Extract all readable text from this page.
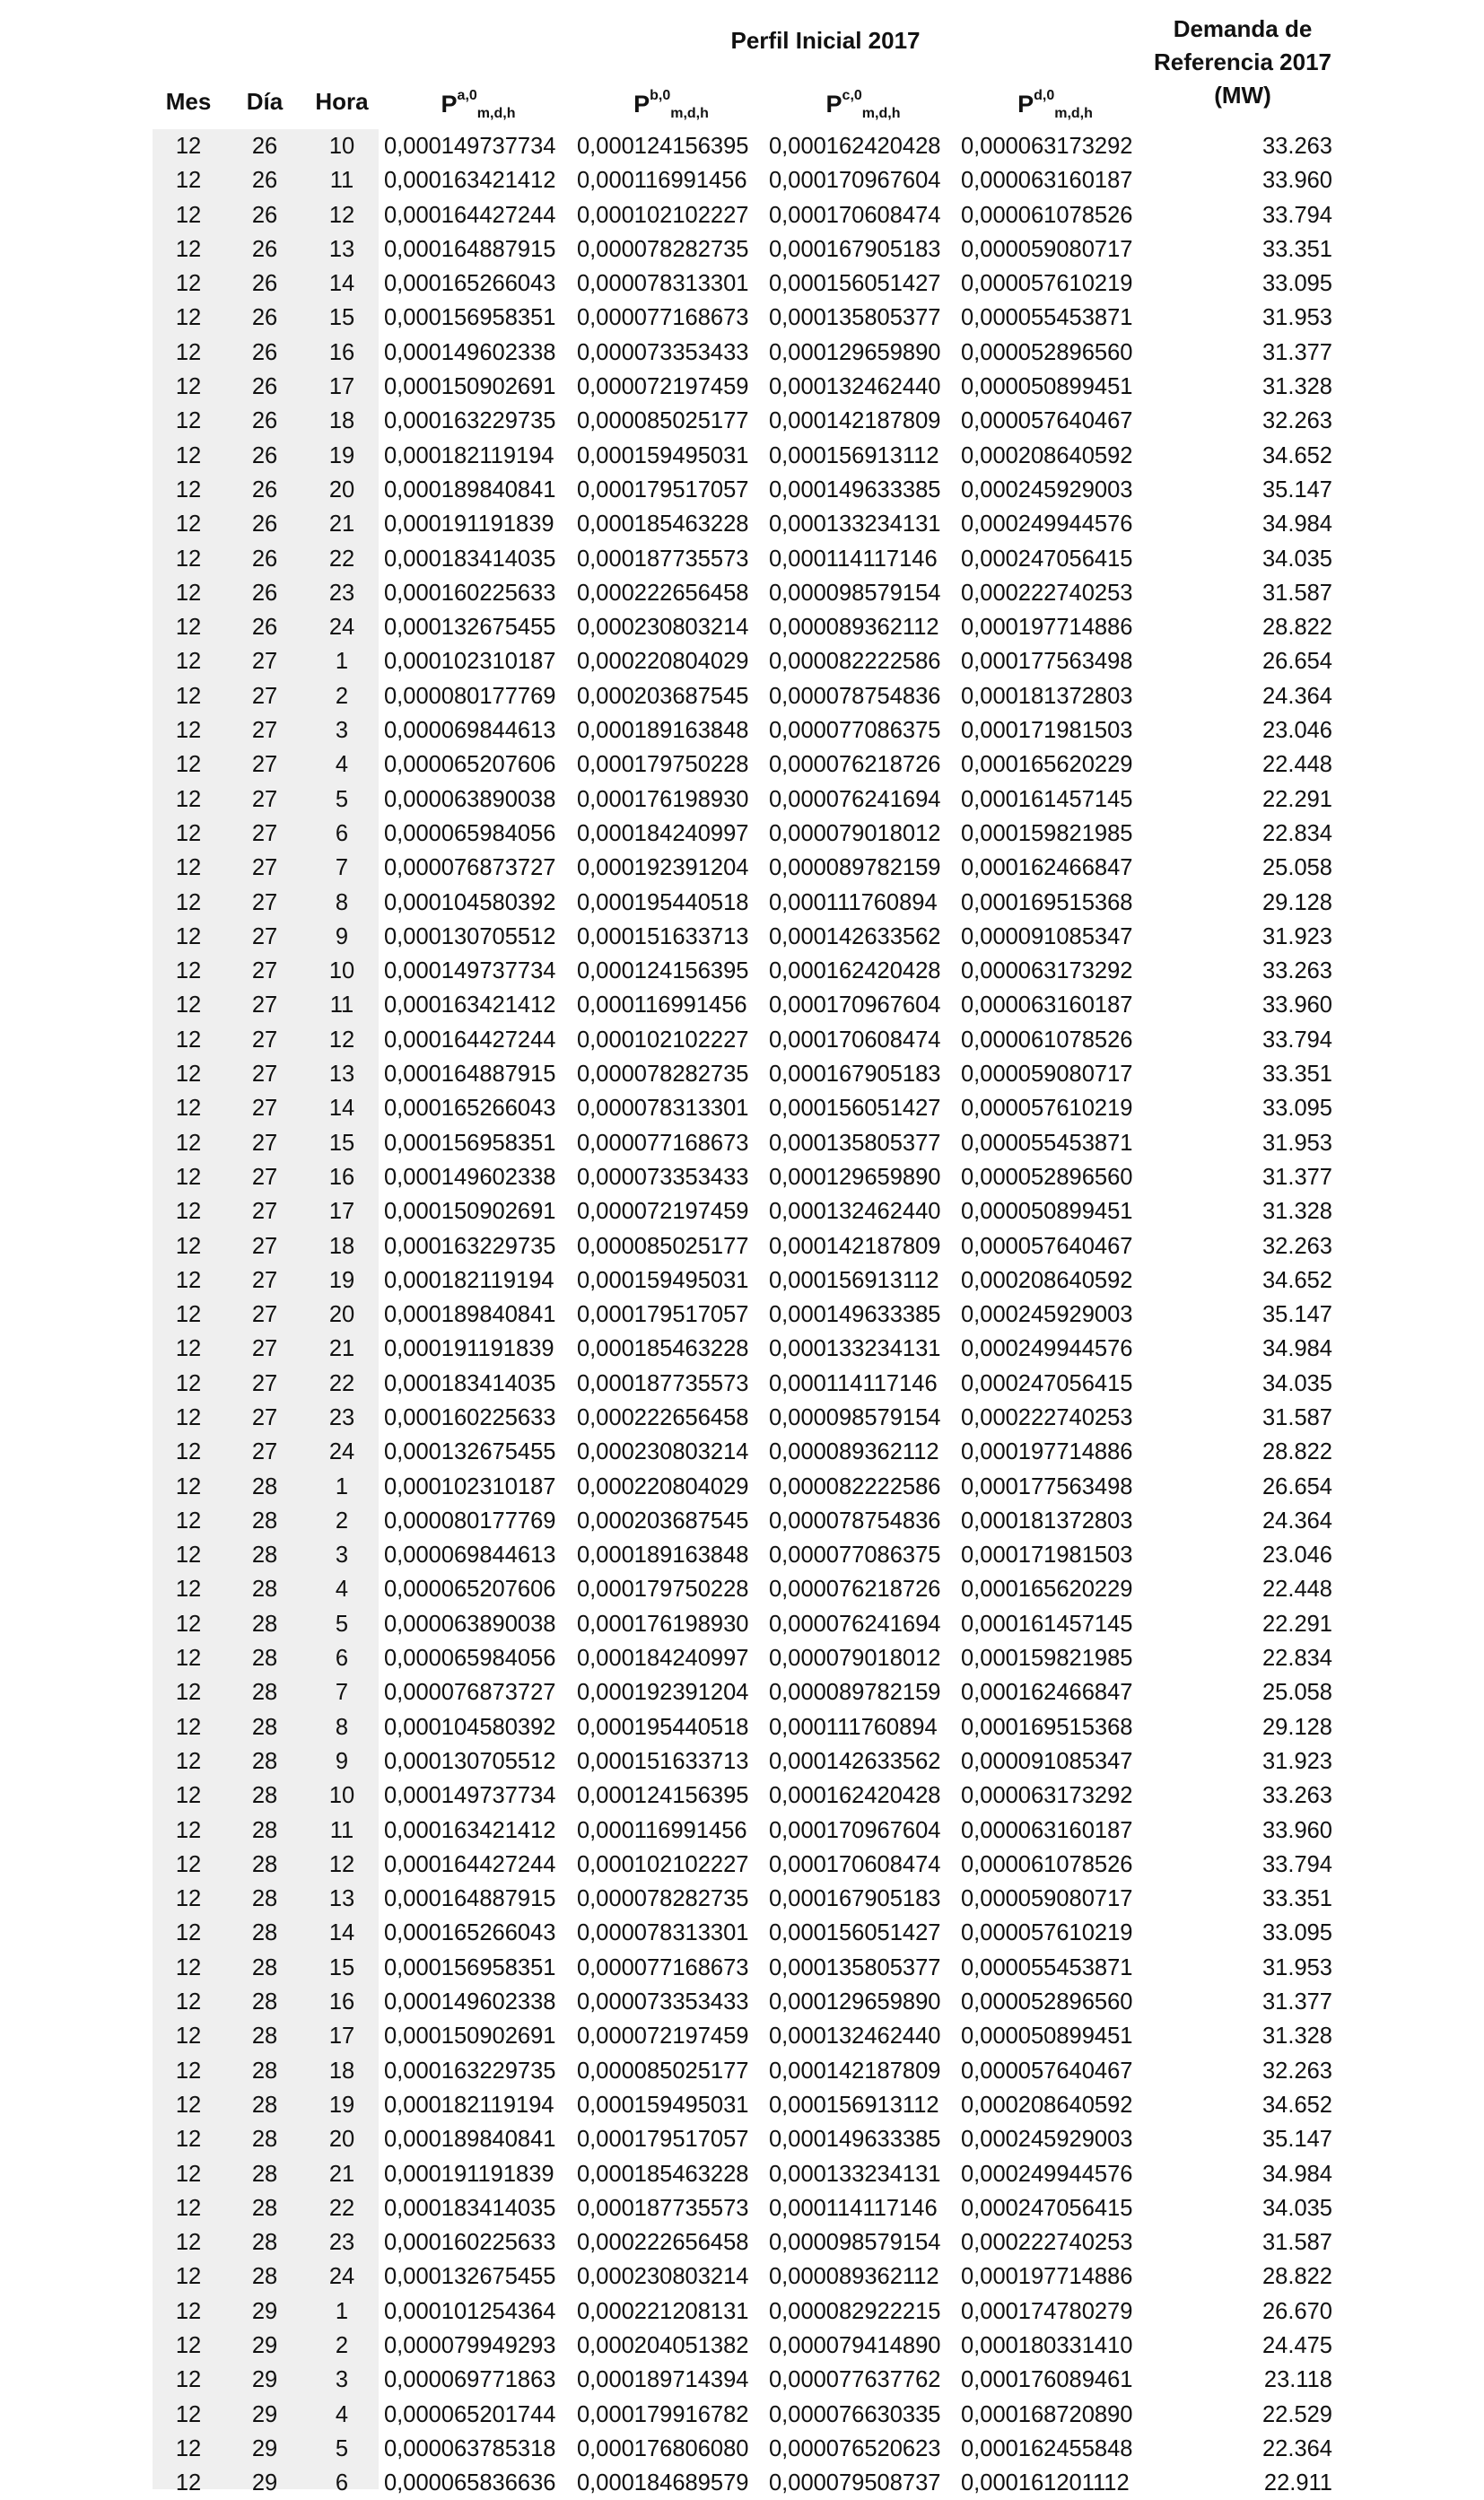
Perfil Inicial 2017	Demanda de
Referencia 2017
(MW)
Mes	Día	Hora	P$^{a,0}_{m,d,h}$	P$^{b,0}_{m,d,h}$	P$^{c,0}_{m,d,h}$	P$^{d,0}_{m,d,h}$
12	26	10	0,000149737734 0,000124156395 0,000162420428 0,000063173292	33.263
12	26	11	0,000163421412 0,000116991456 0,000170967604 0,000063160187	33.960
12	26	12	0,000164427244 0,000102102227 0,000170608474 0,000061078526	33.794
12	26	13	0,000164887915 0,000078282735 0,000167905183 0,000059080717	33.351
12	26	14	0,000165266043 0,000078313301 0,000156051427 0,000057610219	33.095
12	26	15	0,000156958351 0,000077168673 0,000135805377 0,000055453871	31.953
12	26	16	0,000149602338 0,000073353433 0,000129659890 0,000052896560	31.377
12	26	17	0,000150902691 0,000072197459 0,000132462440 0,000050899451	31.328
12	26	18	0,000163229735 0,000085025177 0,000142187809 0,000057640467	32.263
12	26	19	0,000182119194 0,000159495031 0,000156913112 0,000208640592	34.652
12	26	20	0,000189840841 0,000179517057 0,000149633385 0,000245929003	35.147
12	26	21	0,000191191839 0,000185463228 0,000133234131 0,000249944576	34.984
12	26	22	0,000183414035 0,000187735573 0,000114117146	0,000247056415	34.035
12	26	23	0,000160225633 0,000222656458 0,000098579154 0,000222740253	31.587
12	26	24	0,000132675455 0,000230803214 0,000089362112 0,000197714886	28.822
12	27	1	0,000102310187 0,000220804029 0,000082222586 0,000177563498	26.654
12	27	2	0,000080177769 0,000203687545 0,000078754836 0,000181372803	24.364
12	27	3	0,000069844613 0,000189163848 0,000077086375 0,000171981503	23.046
12	27	4	0,000065207606 0,000179750228 0,000076218726 0,000165620229	22.448
12	27	5	0,000063890038 0,000176198930 0,000076241694 0,000161457145	22.291
12	27	6	0,000065984056 0,000184240997 0,000079018012 0,000159821985	22.834
12	27	7	0,000076873727 0,000192391204 0,000089782159 0,000162466847	25.058
12	27	8	0,000104580392 0,000195440518 0,000111760894	0,000169515368	29.128
12	27	9	0,000130705512 0,000151633713 0,000142633562 0,000091085347	31.923
12	27	10	0,000149737734 0,000124156395 0,000162420428 0,000063173292	33.263
12	27	11	0,000163421412 0,000116991456 0,000170967604 0,000063160187	33.960
12	27	12	0,000164427244 0,000102102227 0,000170608474 0,000061078526	33.794
12	27	13	0,000164887915 0,000078282735 0,000167905183 0,000059080717	33.351
12	27	14	0,000165266043 0,000078313301 0,000156051427 0,000057610219	33.095
12	27	15	0,000156958351 0,000077168673 0,000135805377 0,000055453871	31.953
12	27	16	0,000149602338 0,000073353433 0,000129659890 0,000052896560	31.377
12	27	17	0,000150902691 0,000072197459 0,000132462440 0,000050899451	31.328
12	27	18	0,000163229735 0,000085025177 0,000142187809 0,000057640467	32.263
12	27	19	0,000182119194 0,000159495031 0,000156913112 0,000208640592	34.652
12	27	20	0,000189840841 0,000179517057 0,000149633385 0,000245929003	35.147
12	27	21	0,000191191839 0,000185463228 0,000133234131 0,000249944576	34.984
12	27	22	0,000183414035 0,000187735573 0,000114117146	0,000247056415	34.035
12	27	23	0,000160225633 0,000222656458 0,000098579154 0,000222740253	31.587
12	27	24	0,000132675455 0,000230803214 0,000089362112 0,000197714886	28.822
12	28	1	0,000102310187 0,000220804029 0,000082222586 0,000177563498	26.654
12	28	2	0,000080177769 0,000203687545 0,000078754836 0,000181372803	24.364
12	28	3	0,000069844613 0,000189163848 0,000077086375 0,000171981503	23.046
12	28	4	0,000065207606 0,000179750228 0,000076218726 0,000165620229	22.448
12	28	5	0,000063890038 0,000176198930 0,000076241694 0,000161457145	22.291
12	28	6	0,000065984056 0,000184240997 0,000079018012 0,000159821985	22.834
12	28	7	0,000076873727 0,000192391204 0,000089782159 0,000162466847	25.058
12	28	8	0,000104580392 0,000195440518 0,000111760894	0,000169515368	29.128
12	28	9	0,000130705512 0,000151633713 0,000142633562 0,000091085347	31.923
12	28	10	0,000149737734 0,000124156395 0,000162420428 0,000063173292	33.263
12	28	11	0,000163421412 0,000116991456 0,000170967604 0,000063160187	33.960
12	28	12	0,000164427244 0,000102102227 0,000170608474 0,000061078526	33.794
12	28	13	0,000164887915 0,000078282735 0,000167905183 0,000059080717	33.351
12	28	14	0,000165266043 0,000078313301 0,000156051427 0,000057610219	33.095
12	28	15	0,000156958351 0,000077168673 0,000135805377 0,000055453871	31.953
12	28	16	0,000149602338 0,000073353433 0,000129659890 0,000052896560	31.377
12	28	17	0,000150902691 0,000072197459 0,000132462440 0,000050899451	31.328
12	28	18	0,000163229735 0,000085025177 0,000142187809 0,000057640467	32.263
12	28	19	0,000182119194 0,000159495031 0,000156913112 0,000208640592	34.652
12	28	20	0,000189840841 0,000179517057 0,000149633385 0,000245929003	35.147
12	28	21	0,000191191839 0,000185463228 0,000133234131 0,000249944576	34.984
12	28	22	0,000183414035 0,000187735573 0,000114117146	0,000247056415	34.035
12	28	23	0,000160225633 0,000222656458 0,000098579154 0,000222740253	31.587
12	28	24	0,000132675455 0,000230803214 0,000089362112 0,000197714886	28.822
12	29	1	0,000101254364 0,000221208131 0,000082922215 0,000174780279	26.670
12	29	2	0,000079949293 0,000204051382 0,000079414890 0,000180331410	24.475
12	29	3	0,000069771863 0,000189714394 0,000077637762 0,000176089461	23.118
12	29	4	0,000065201744 0,000179916782 0,000076630335 0,000168720890	22.529
12	29	5	0,000063785318 0,000176806080 0,000076520623 0,000162455848	22.364
12	29	6	0,000065836636 0,000184689579 0,000079508737 0,000161201112	22.911
